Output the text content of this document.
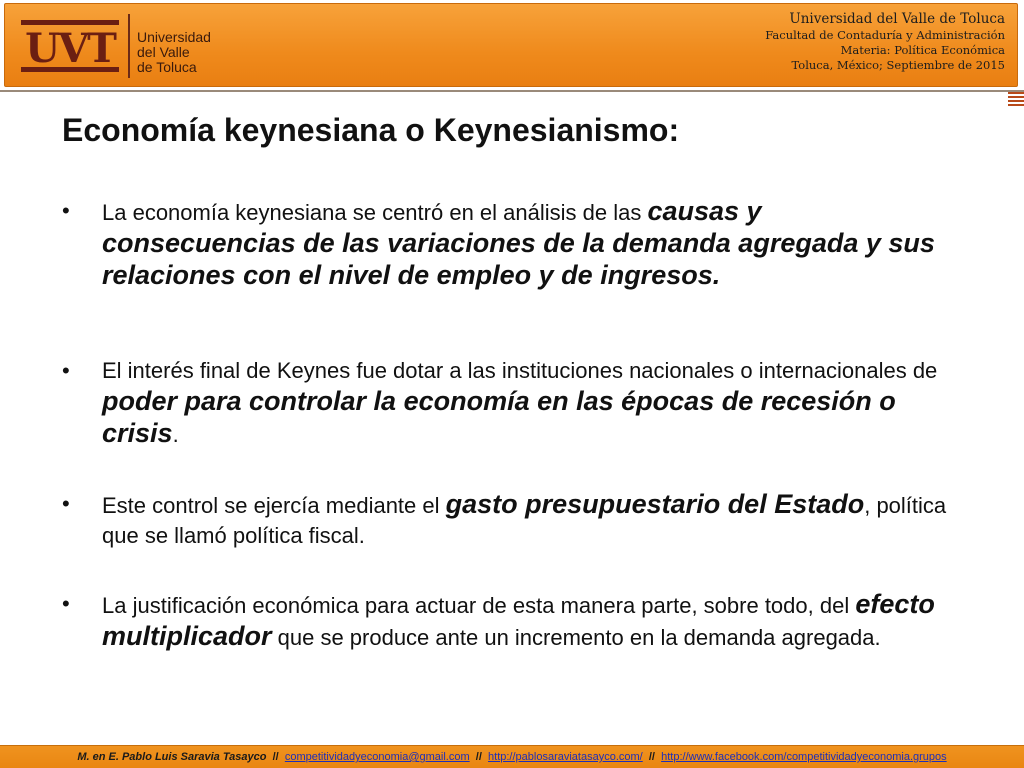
UVT Universidad
del Valle
de Toluca
Universidad del Valle de Toluca
Facultad de Contaduría y Administración
Materia: Política Económica
Toluca, México; Septiembre de 2015
Economía keynesiana o Keynesianismo:
• La economía keynesiana se centró en el análisis de las causas y consecuencias de las variaciones de la demanda agregada y sus relaciones con el nivel de empleo y de ingresos.
• El interés final de Keynes fue dotar a las instituciones nacionales o internacionales de poder para controlar la economía en las épocas de recesión o crisis.
• Este control se ejercía mediante el gasto presupuestario del Estado, política que se llamó política fiscal.
• La justificación económica para actuar de esta manera parte, sobre todo, del efecto multiplicador que se produce ante un incremento en la demanda agregada.
M. en E. Pablo Luis Saravia Tasayco // competitividadyeconomia@gmail.com // http://pablosaraviatasayco.com/ // http://www.facebook.com/competitividadyeconomia.grupos
